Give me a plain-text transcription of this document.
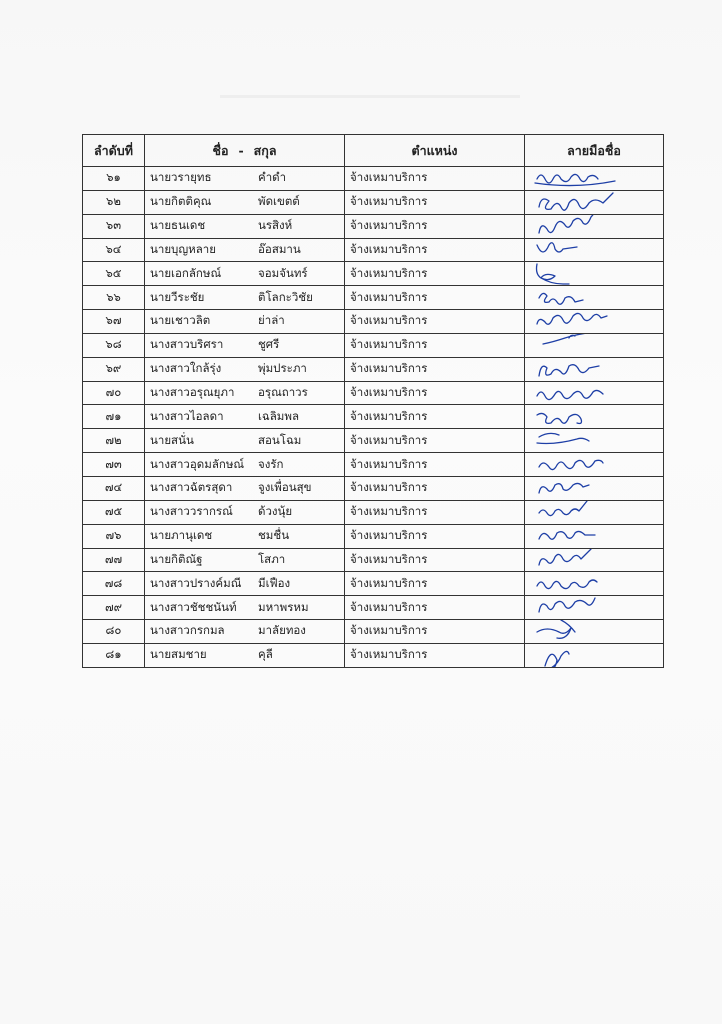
ลำดับที่	ชื่อ - สกุล	ตำแหน่ง	ลายมือชื่อ
๖๑	นายวรายุทธ คำดำ	จ้างเหมาบริการ	

๖๒	นายกิตติคุณ พัดเขตต์	จ้างเหมาบริการ	

๖๓	นายธนเดช นรสิงห์	จ้างเหมาบริการ	

๖๔	นายบุญหลาย อ๊อสมาน	จ้างเหมาบริการ	

๖๕	นายเอกลักษณ์ จอมจันทร์	จ้างเหมาบริการ	

๖๖	นายวีระชัย ติโลกะวิชัย	จ้างเหมาบริการ	

๖๗	นายเชาวลิต ย่าล่า	จ้างเหมาบริการ	

๖๘	นางสาวบริศรา ชูศรี	จ้างเหมาบริการ	

๖๙	นางสาวใกล้รุ่ง พุ่มประภา	จ้างเหมาบริการ	

๗๐	นางสาวอรุณยุภา อรุณถาวร	จ้างเหมาบริการ	

๗๑	นางสาวไอลดา เฉลิมพล	จ้างเหมาบริการ	

๗๒	นายสนั่น สอนโฉม	จ้างเหมาบริการ	

๗๓	นางสาวอุดมลักษณ์ จงรัก	จ้างเหมาบริการ	

๗๔	นางสาวฉัตรสุดา จูงเพื่อนสุข	จ้างเหมาบริการ	

๗๕	นางสาววรากรณ์ ด้วงนุ้ย	จ้างเหมาบริการ	

๗๖	นายภานุเดช ชมชื่น	จ้างเหมาบริการ	

๗๗	นายกิติณัฐ โสภา	จ้างเหมาบริการ	

๗๘	นางสาวปรางค์มณี มีเฟือง	จ้างเหมาบริการ	

๗๙	นางสาวชัชชนันท์ มหาพรหม	จ้างเหมาบริการ	

๘๐	นางสาวกรกมล มาลัยทอง	จ้างเหมาบริการ	

๘๑	นายสมชาย คุลี	จ้างเหมาบริการ	
